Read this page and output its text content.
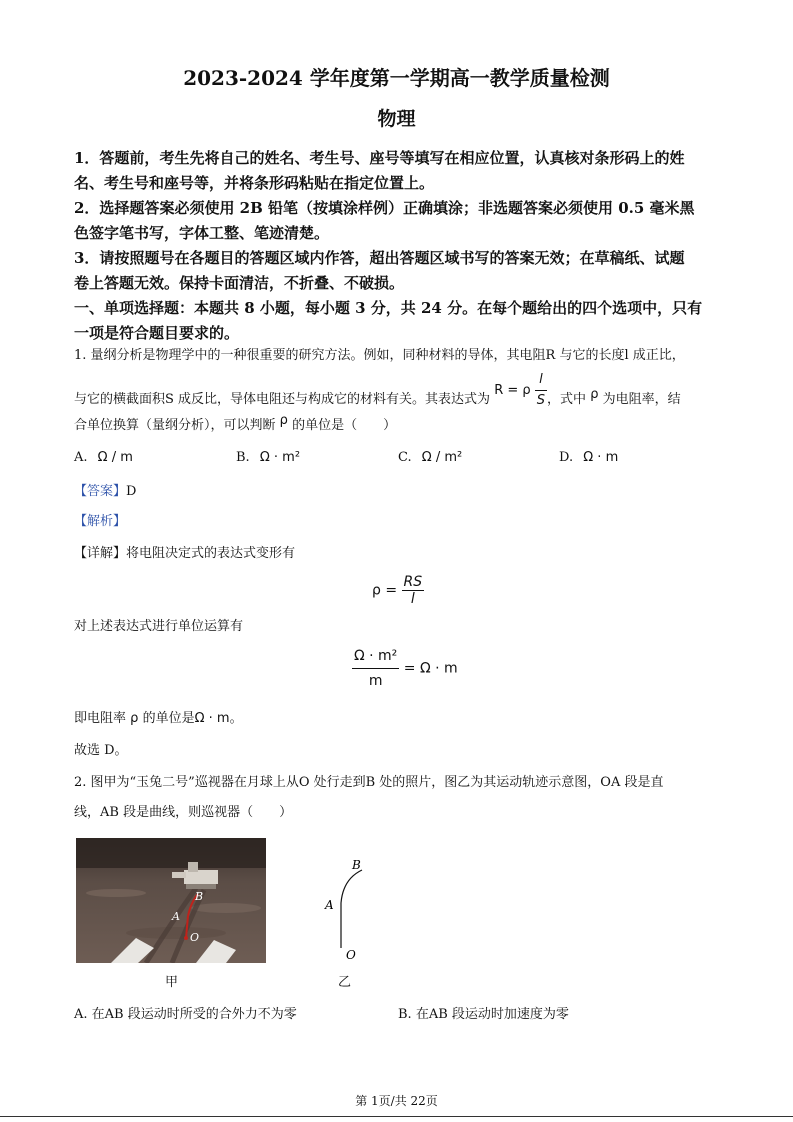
2023-2024 学年度第一学期高一教学质量检测
物理
1．答题前，考生先将自己的姓名、考生号、座号等填写在相应位置，认真核对条形码上的姓
名、考生号和座号等，并将条形码粘贴在指定位置上。
2．选择题答案必须使用 2B 铅笔（按填涂样例）正确填涂；非选题答案必须使用 0.5 毫米黑
色签字笔书写，字体工整、笔迹清楚。
3．请按照题号在各题目的答题区域内作答，超出答题区域书写的答案无效；在草稿纸、试题
卷上答题无效。保持卡面清洁，不折叠、不破损。
一、单项选择题：本题共 8 小题，每小题 3 分，共 24 分。在每个题给出的四个选项中，只有
一项是符合题目要求的。
1. 量纲分析是物理学中的一种很重要的研究方法。例如，同种材料的导体，其电阻R 与它的长度l 成正比，
与它的横截面积S 成反比，导体电阻还与构成它的材料有关。其表达式为 R = ρ $\frac{l}{S}$ ，式中 ρ 为电阻率，结
合单位换算（量纲分析），可以判断 ρ 的单位是（　　）
A. Ω / m	B. Ω · m²	C. Ω / m²	D. Ω · m
【答案】D
【解析】
【详解】将电阻决定式的表达式变形有
$\rho = \frac{RS}{l}$
对上述表达式进行单位运算有
$\frac{\text{Ω · m²}}{m} = \Omega \cdot m$
即电阻率 ρ 的单位是Ω · m。
故选 D。
2. 图甲为“玉兔二号”巡视器在月球上从O 处行走到B 处的照片，图乙为其运动轨迹示意图，OA 段是直
线，AB 段是曲线，则巡视器（　　）
B
A
O
B
A
O
甲	乙
A. 在AB 段运动时所受的合外力不为零	B. 在AB 段运动时加速度为零
第 1页/共 22页
